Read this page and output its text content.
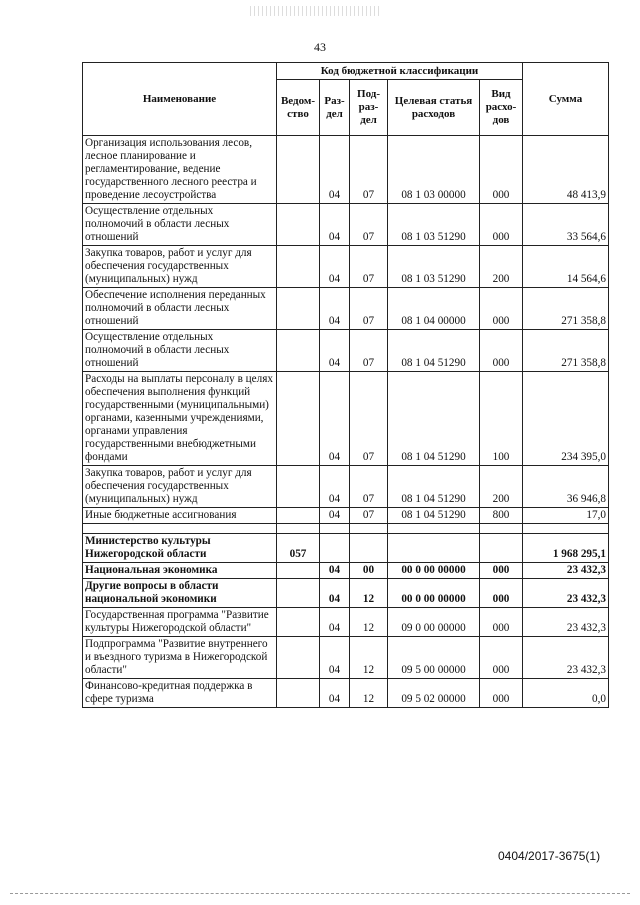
43
Наименование	Код бюджетной классификации					Сумма
	Ведом-ство	Раз-дел	Под-раз-дел	Целевая статья расходов	Вид расхо-дов	
Организация использования лесов, лесное планирование и регламентирование, ведение государственного лесного реестра и проведение лесоустройства		04	07	08 1 03 00000	000	48 413,9
Осуществление отдельных полномочий в области лесных отношений		04	07	08 1 03 51290	000	33 564,6
Закупка товаров, работ и услуг для обеспечения государственных (муниципальных) нужд		04	07	08 1 03 51290	200	14 564,6
Обеспечение исполнения переданных полномочий в области лесных отношений		04	07	08 1 04 00000	000	271 358,8
Осуществление отдельных полномочий в области лесных отношений		04	07	08 1 04 51290	000	271 358,8
Расходы на выплаты персоналу в целях обеспечения выполнения функций государственными (муниципальными) органами, казенными учреждениями, органами управления государственными внебюджетными фондами		04	07	08 1 04 51290	100	234 395,0
Закупка товаров, работ и услуг для обеспечения государственных (муниципальных) нужд		04	07	08 1 04 51290	200	36 946,8
Иные бюджетные ассигнования		04	07	08 1 04 51290	800	17,0

Министерство культуры Нижегородской области	057					1 968 295,1
Национальная экономика		04	00	00 0 00 00000	000	23 432,3
Другие вопросы в области национальной экономики		04	12	00 0 00 00000	000	23 432,3
Государственная программа "Развитие культуры Нижегородской области"		04	12	09 0 00 00000	000	23 432,3
Подпрограмма "Развитие внутреннего и въездного туризма в Нижегородской области"		04	12	09 5 00 00000	000	23 432,3
Финансово-кредитная поддержка в сфере туризма		04	12	09 5 02 00000	000	0,0
0404/2017-3675(1)
